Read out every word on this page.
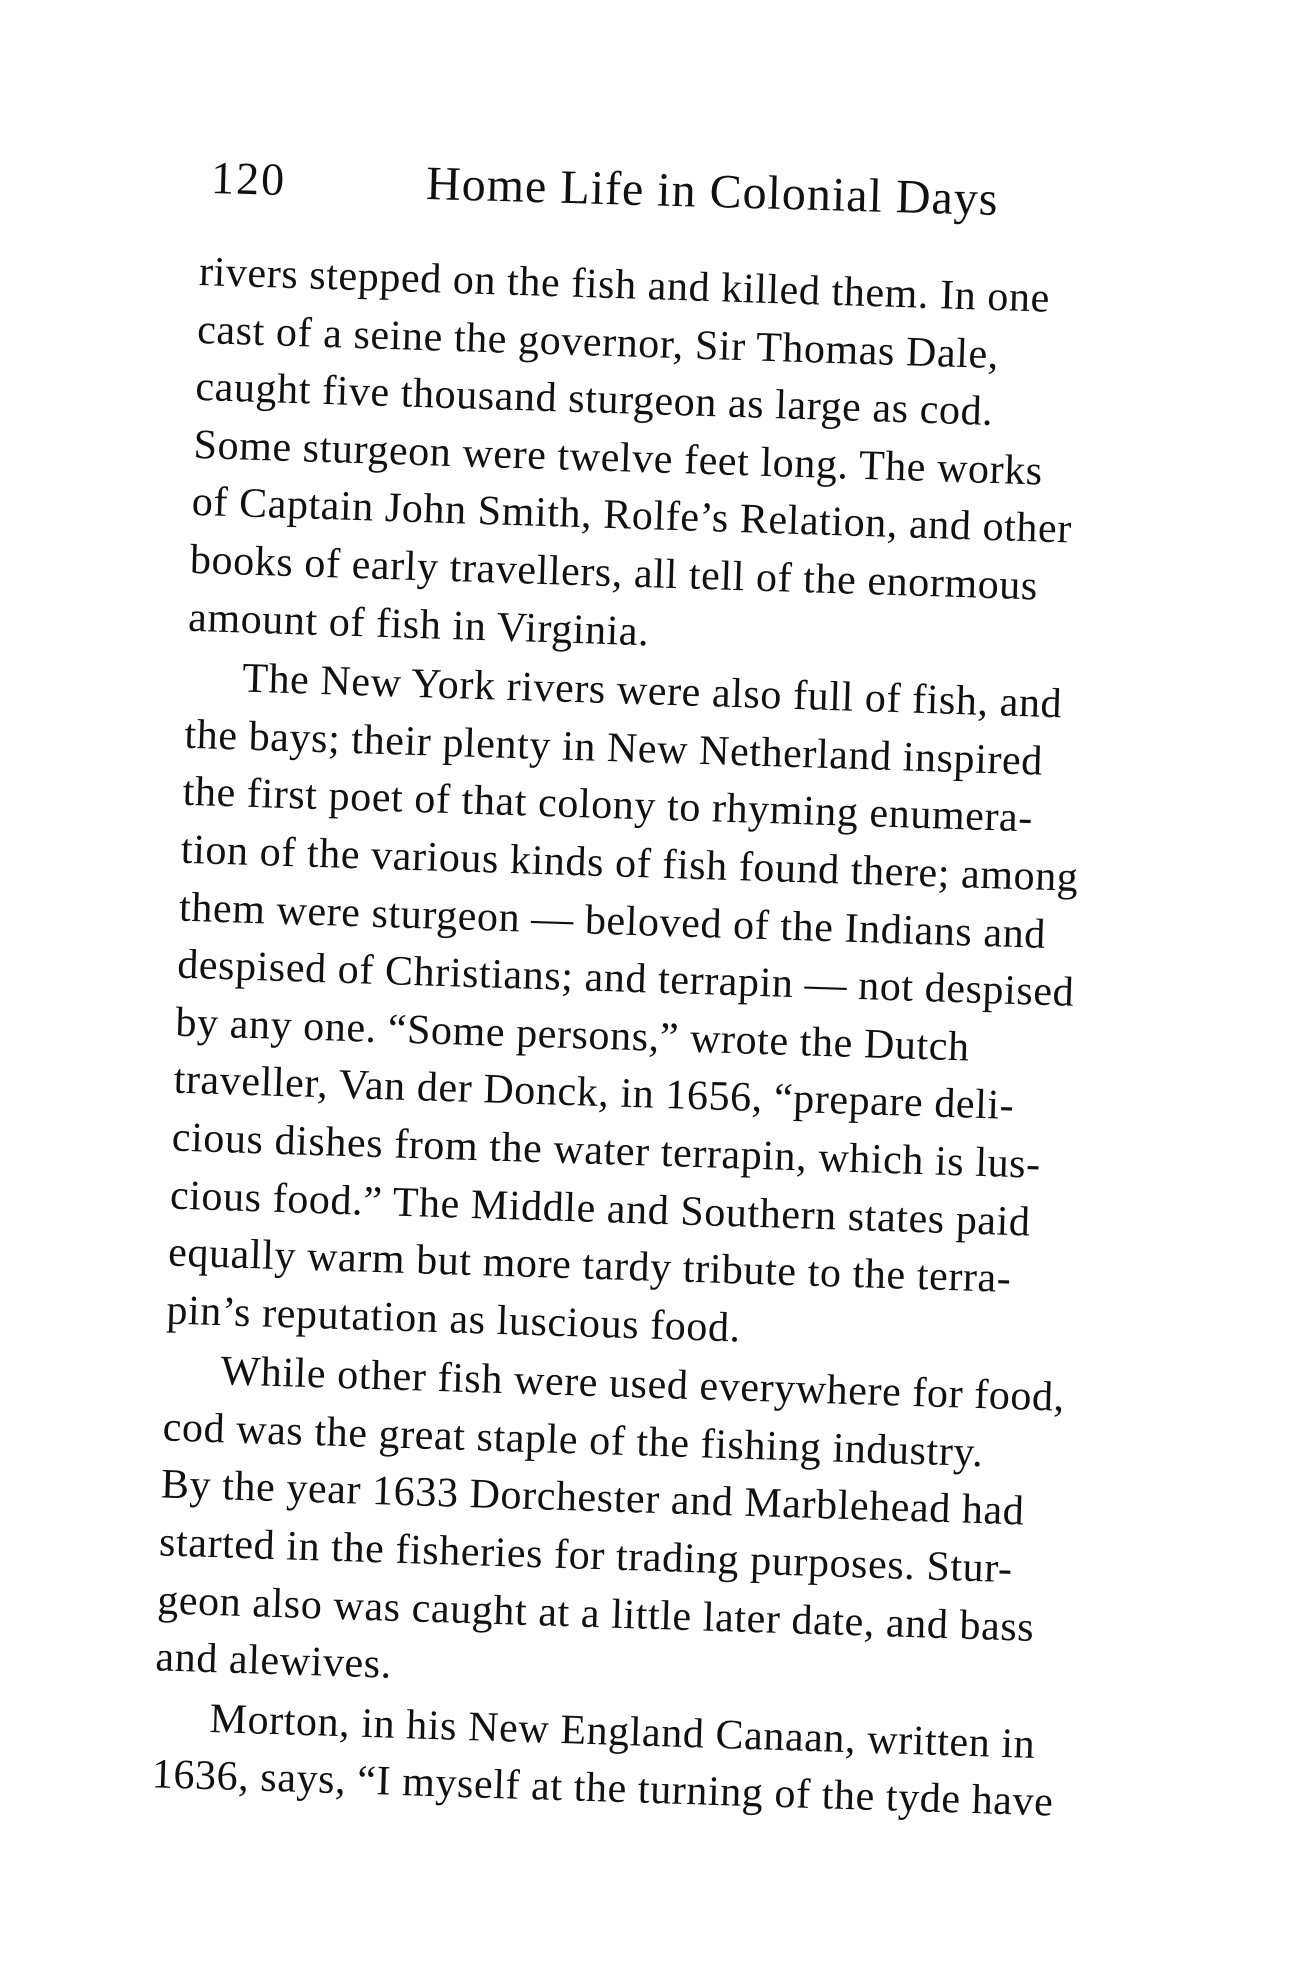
120	Home Life in Colonial Days

rivers stepped on the fish and killed them. In one
cast of a seine the governor, Sir Thomas Dale,
caught five thousand sturgeon as large as cod.
Some sturgeon were twelve feet long. The works
of Captain John Smith, Rolfe’s Relation, and other
books of early travellers, all tell of the enormous
amount of fish in Virginia.

The New York rivers were also full of fish, and
the bays; their plenty in New Netherland inspired
the first poet of that colony to rhyming enumera-
tion of the various kinds of fish found there; among
them were sturgeon — beloved of the Indians and
despised of Christians; and terrapin — not despised
by any one. “Some persons,” wrote the Dutch
traveller, Van der Donck, in 1656, “prepare deli-
cious dishes from the water terrapin, which is lus-
cious food.” The Middle and Southern states paid
equally warm but more tardy tribute to the terra-
pin’s reputation as luscious food.

While other fish were used everywhere for food,
cod was the great staple of the fishing industry.
By the year 1633 Dorchester and Marblehead had
started in the fisheries for trading purposes. Stur-
geon also was caught at a little later date, and bass
and alewives.

Morton, in his New England Canaan, written in
1636, says, “I myself at the turning of the tyde have
